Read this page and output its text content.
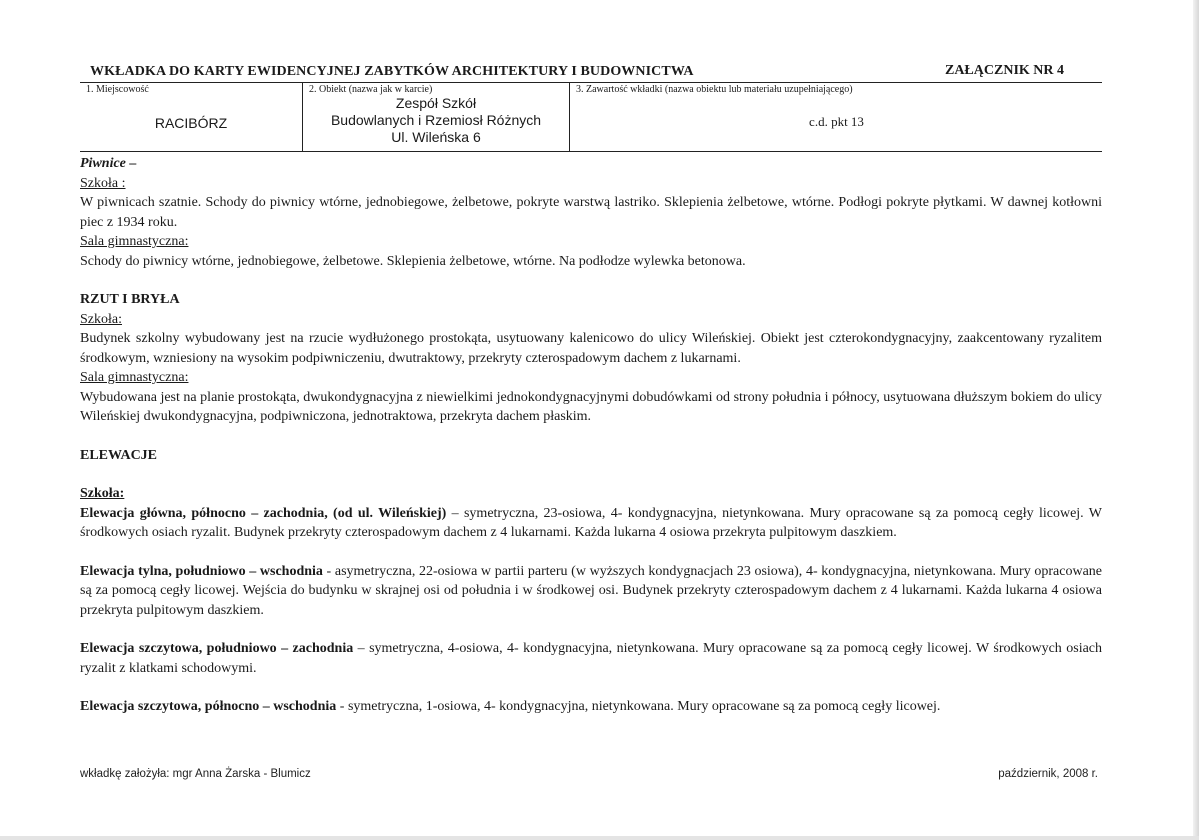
WKŁADKA DO KARTY EWIDENCYJNEJ ZABYTKÓW ARCHITEKTURY I BUDOWNICTWA	ZAŁĄCZNIK NR 4
1. Miejscowość
RACIBÓRZ
2. Obiekt (nazwa jak w karcie)
Zespół Szkół
Budowlanych i Rzemiosł Różnych
Ul. Wileńska 6
3. Zawartość wkładki (nazwa obiektu lub materiału uzupełniającego)
c.d. pkt 13

Piwnice –

Szkoła :

W piwnicach szatnie. Schody do piwnicy wtórne, jednobiegowe, żelbetowe, pokryte warstwą lastriko. Sklepienia żelbetowe, wtórne. Podłogi pokryte płytkami. W dawnej kotłowni piec z 1934 roku.

Sala gimnastyczna:

Schody do piwnicy wtórne, jednobiegowe, żelbetowe. Sklepienia żelbetowe, wtórne. Na podłodze wylewka betonowa.

RZUT I BRYŁA

Szkoła:

Budynek szkolny wybudowany jest na rzucie wydłużonego prostokąta, usytuowany kalenicowo do ulicy Wileńskiej. Obiekt jest czterokondygnacyjny, zaakcentowany ryzalitem środkowym, wzniesiony na wysokim podpiwniczeniu, dwutraktowy, przekryty czterospadowym dachem z lukarnami.

Sala gimnastyczna:

Wybudowana jest na planie prostokąta, dwukondygnacyjna z niewielkimi jednokondygnacyjnymi dobudówkami od strony południa i północy, usytuowana dłuższym bokiem do ulicy Wileńskiej dwukondygnacyjna, podpiwniczona, jednotraktowa, przekryta dachem płaskim.

ELEWACJE

Szkoła:

Elewacja główna, północno – zachodnia, (od ul. Wileńskiej) – symetryczna, 23-osiowa, 4- kondygnacyjna, nietynkowana. Mury opracowane są za pomocą cegły licowej. W środkowych osiach ryzalit. Budynek przekryty czterospadowym dachem z 4 lukarnami. Każda lukarna 4 osiowa przekryta pulpitowym daszkiem.

Elewacja tylna, południowo – wschodnia - asymetryczna, 22-osiowa w partii parteru (w wyższych kondygnacjach 23 osiowa), 4- kondygnacyjna, nietynkowana. Mury opracowane są za pomocą cegły licowej. Wejścia do budynku w skrajnej osi od południa i w środkowej osi. Budynek przekryty czterospadowym dachem z 4 lukarnami. Każda lukarna 4 osiowa przekryta pulpitowym daszkiem.

Elewacja szczytowa, południowo – zachodnia – symetryczna, 4-osiowa, 4- kondygnacyjna, nietynkowana. Mury opracowane są za pomocą cegły licowej. W środkowych osiach ryzalit z klatkami schodowymi.

Elewacja szczytowa, północno – wschodnia - symetryczna, 1-osiowa, 4- kondygnacyjna, nietynkowana. Mury opracowane są za pomocą cegły licowej.

wkładkę założyła: mgr Anna Żarska - Blumicz	październik, 2008 r.
